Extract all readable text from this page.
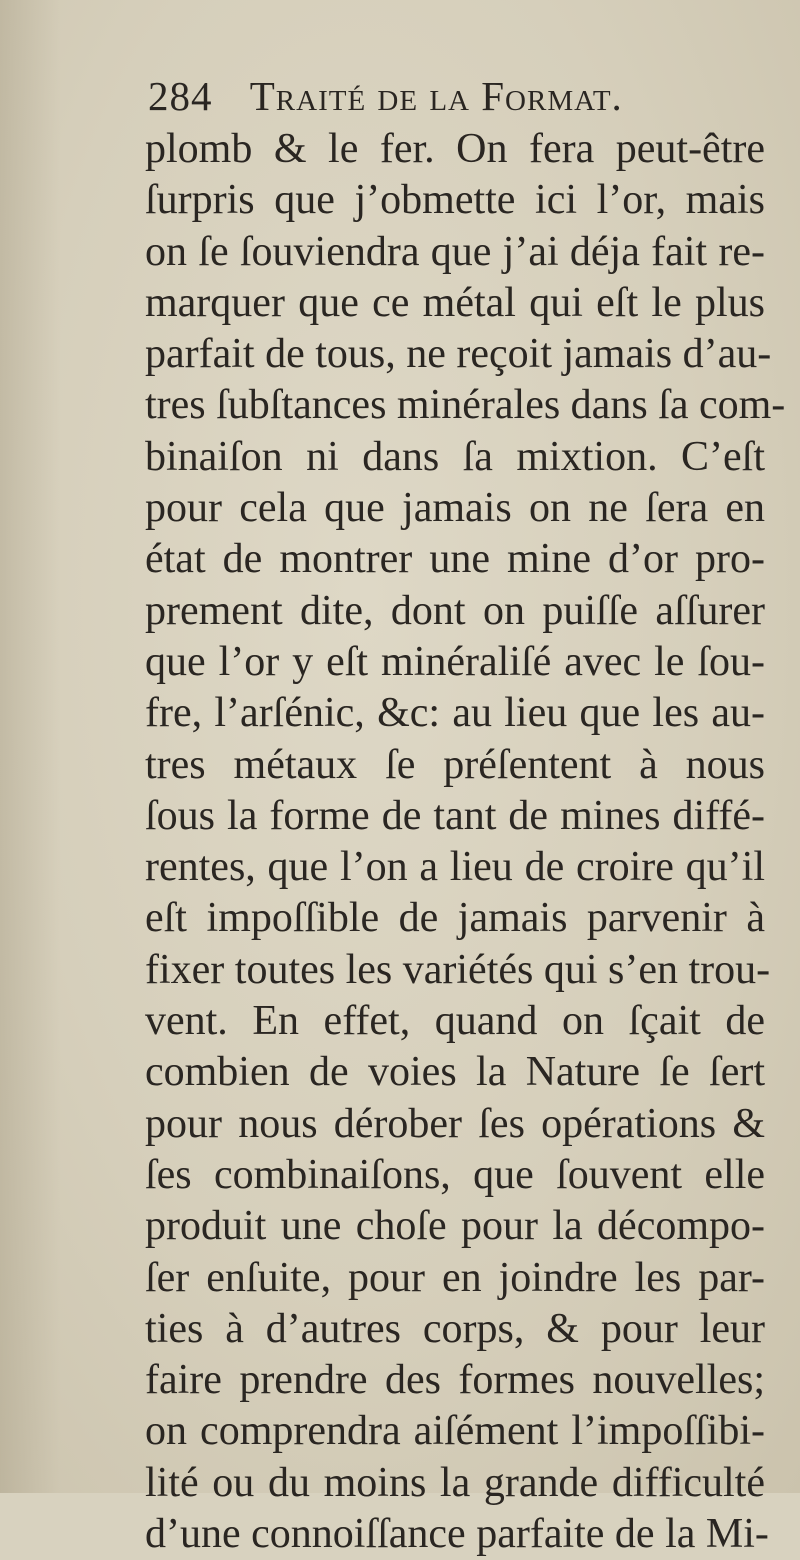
284 Traité de la Format.
plomb & le fer. On fera peut-être
ſurpris que j’obmette ici l’or, mais
on ſe ſouviendra que j’ai déja fait re-
marquer que ce métal qui eſt le plus
parfait de tous, ne reçoit jamais d’au-
tres ſubſtances minérales dans ſa com-
binaiſon ni dans ſa mixtion. C’eſt
pour cela que jamais on ne ſera en
état de montrer une mine d’or pro-
prement dite, dont on puiſſe aſſurer
que l’or y eſt minéraliſé avec le ſou-
fre, l’arſénic, &c: au lieu que les au-
tres métaux ſe préſentent à nous
ſous la forme de tant de mines diffé-
rentes, que l’on a lieu de croire qu’il
eſt impoſſible de jamais parvenir à
fixer toutes les variétés qui s’en trou-
vent. En effet, quand on ſçait de
combien de voies la Nature ſe ſert
pour nous dérober ſes opérations &
ſes combinaiſons, que ſouvent elle
produit une choſe pour la décompo-
ſer enſuite, pour en joindre les par-
ties à d’autres corps, & pour leur
faire prendre des formes nouvelles;
on comprendra aiſément l’impoſſibi-
lité ou du moins la grande difficulté
d’une connoiſſance parfaite de la Mi-
